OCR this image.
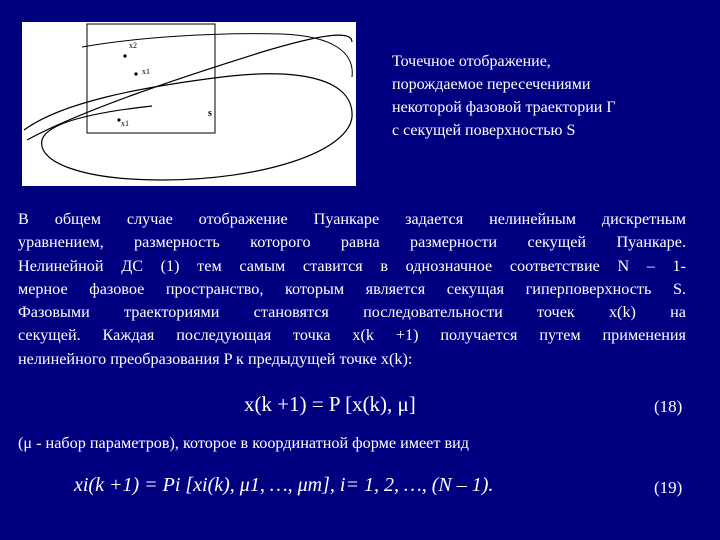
x2
x1
x1
s
Точечное отображение,
порождаемое пересечениями
некоторой фазовой траектории Г
с секущей поверхностью S
В общем случае отображение Пуанкаре задается нелинейным дискретным
уравнением, размерность которого равна размерности секущей Пуанкаре.
Нелинейной ДС (1) тем самым ставится в однозначное соответствие N – 1-
мерное фазовое пространство, которым является секущая гиперповерхность S.
Фазовыми траекториями становятся последовательности точек x(k) на
секущей. Каждая последующая точка x(k +1) получается путем применения
нелинейного преобразования P к предыдущей точке x(k):
x(k +1) = P [x(k), μ]	(18)
(μ - набор параметров), которое в координатной форме имеет вид
xi(k +1) = Pi [xi(k), μ1, …, μm], i= 1, 2, …, (N – 1).	(19)
